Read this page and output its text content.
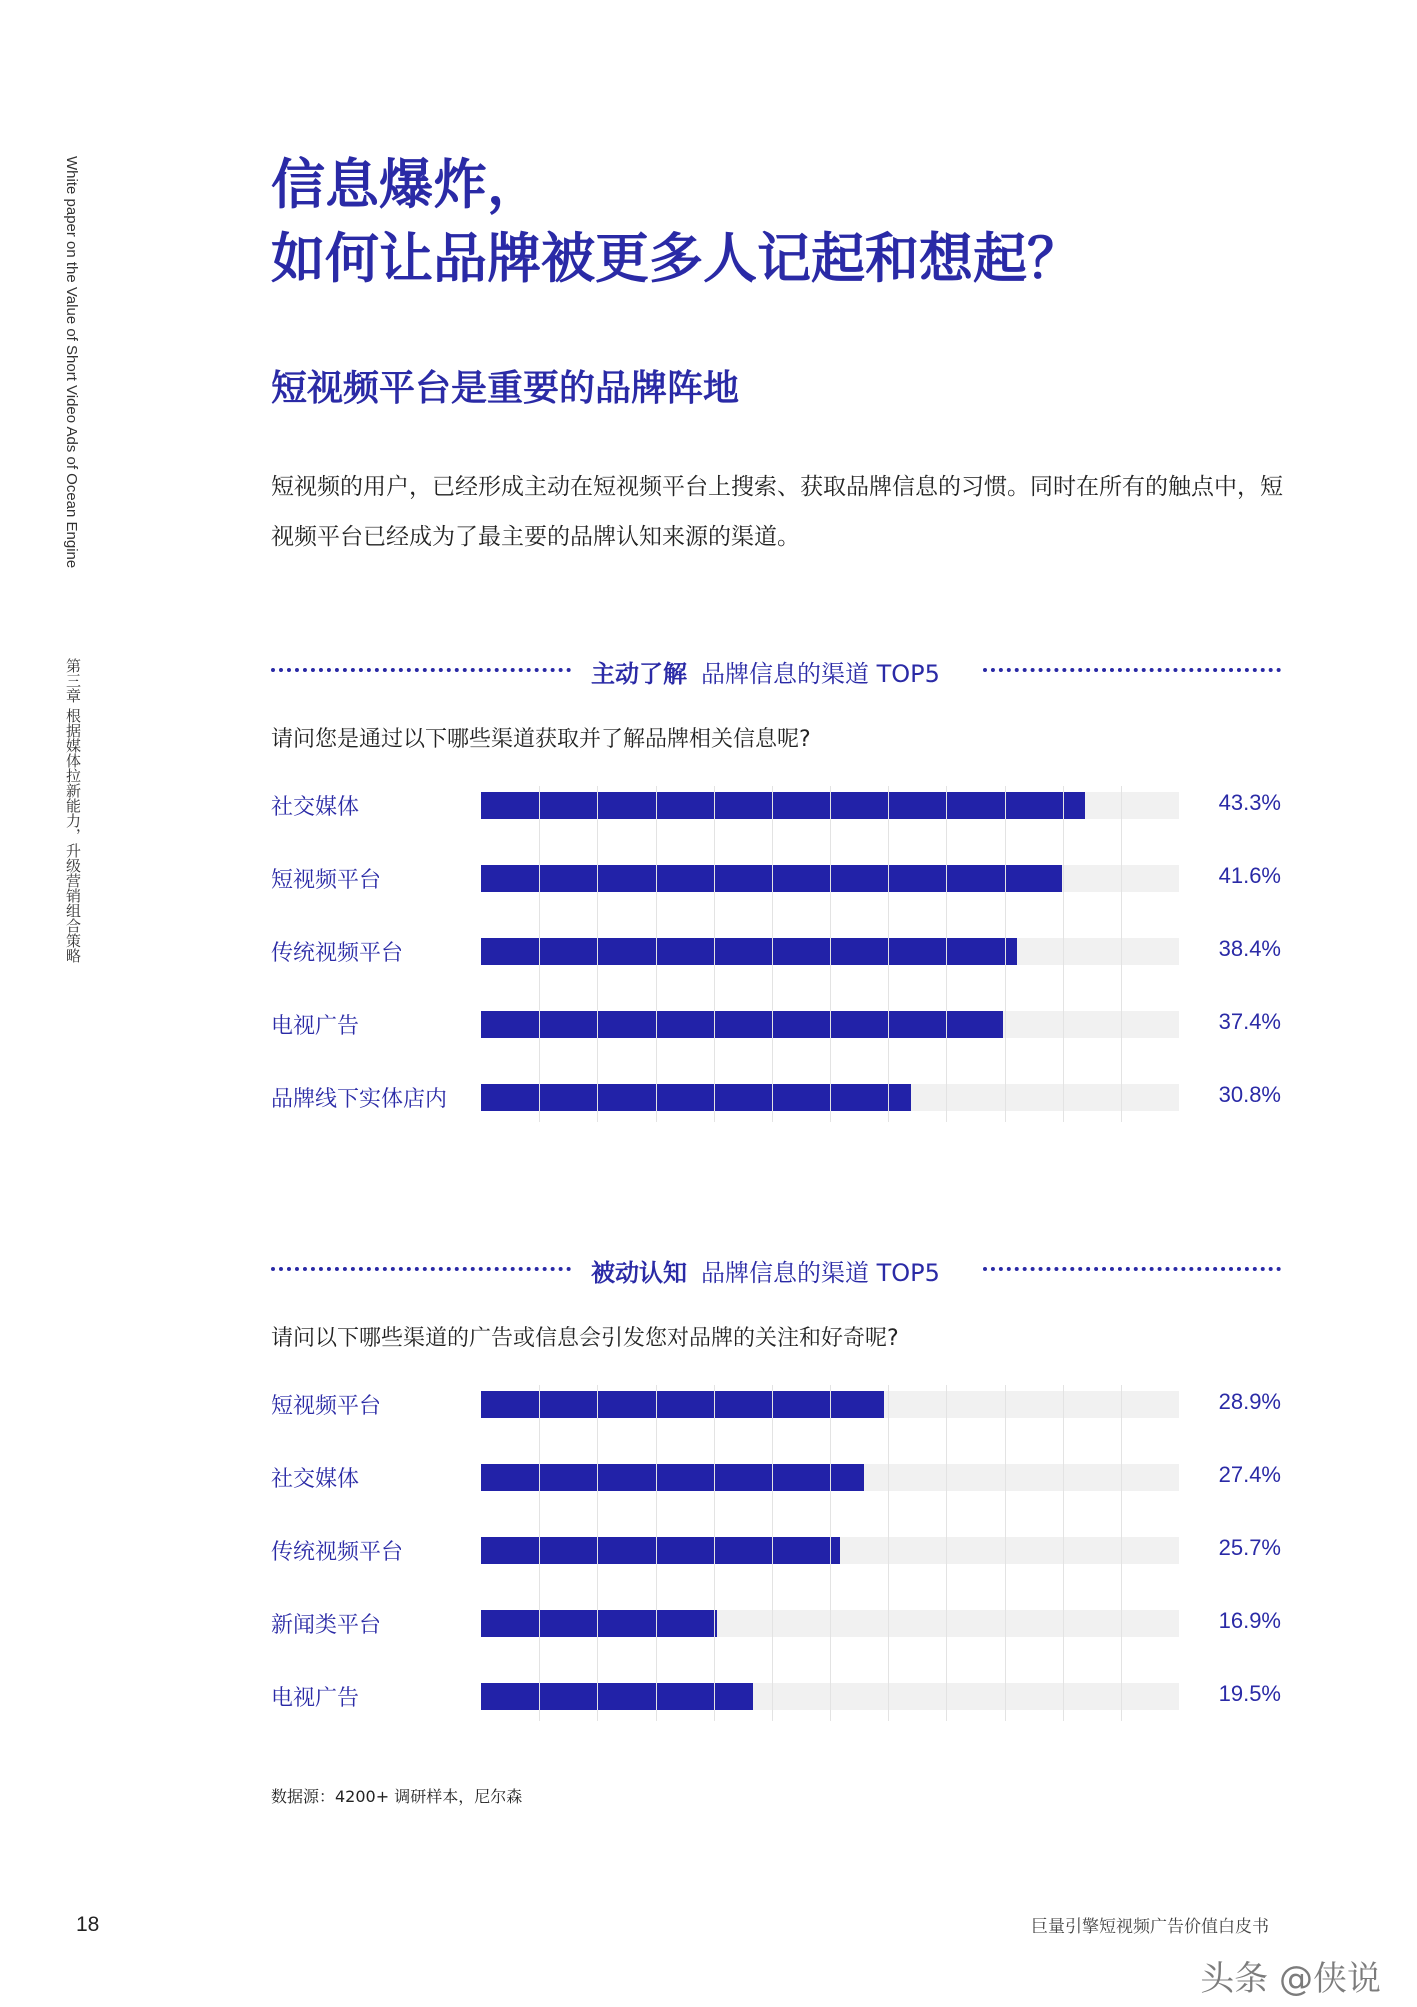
White paper on the Value of Short Video Ads of Ocean Engine
第三章 根据媒体拉新能力，升级营销组合策略
信息爆炸，
如何让品牌被更多人记起和想起？
短视频平台是重要的品牌阵地
短视频的用户，已经形成主动在短视频平台上搜索、获取品牌信息的习惯。同时在所有的触点中，短视频平台已经成为了最主要的品牌认知来源的渠道。
主动了解 品牌信息的渠道 TOP5
请问您是通过以下哪些渠道获取并了解品牌相关信息呢?
社交媒体	43.3%
短视频平台	41.6%
传统视频平台	38.4%
电视广告	37.4%
品牌线下实体店内	30.8%
被动认知 品牌信息的渠道 TOP5
请问以下哪些渠道的广告或信息会引发您对品牌的关注和好奇呢?
短视频平台	28.9%
社交媒体	27.4%
传统视频平台	25.7%
新闻类平台	16.9%
电视广告	19.5%
数据源：4200+ 调研样本，尼尔森
18	巨量引擎短视频广告价值白皮书
头条 @侠说
